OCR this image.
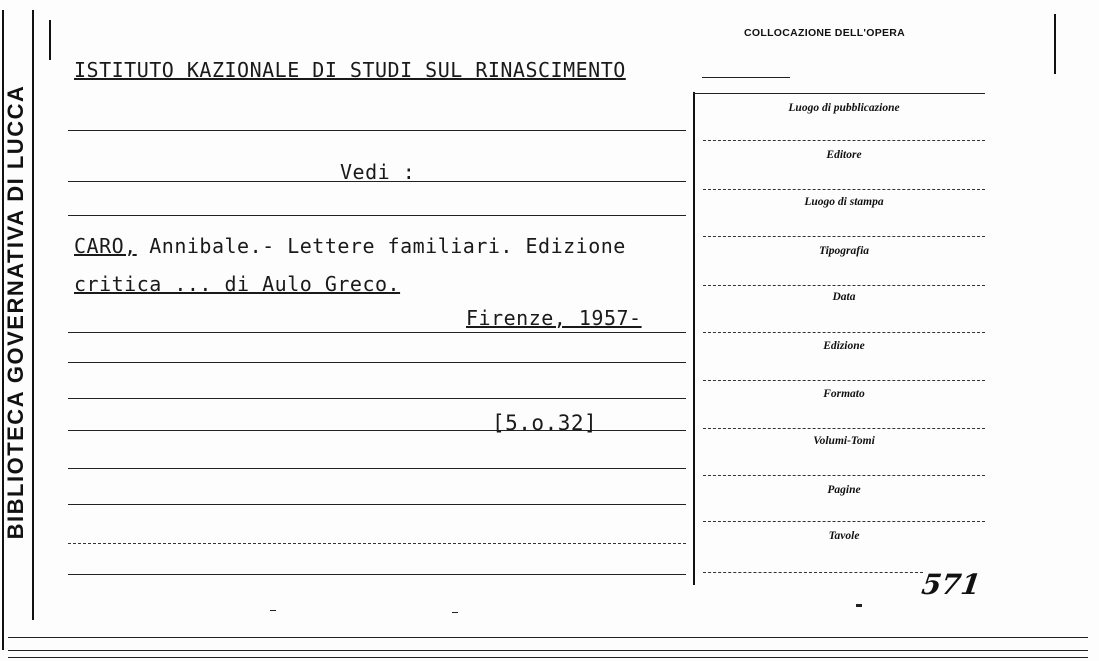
BIBLIOTECA GOVERNATIVA DI LUCCA
COLLOCAZIONE DELL'OPERA
ISTITUTO KAZIONALE DI STUDI SUL RINASCIMENTO
Vedi :
CARO, Annibale.- Lettere familiari. Edizione
critica ... di Aulo Greco.
Firenze, 1957-
[5.o.32]
Luogo di pubblicazione
Editore
Luogo di stampa
Tipografia
Data
Edizione
Formato
Volumi-Tomi
Pagine
Tavole
571
